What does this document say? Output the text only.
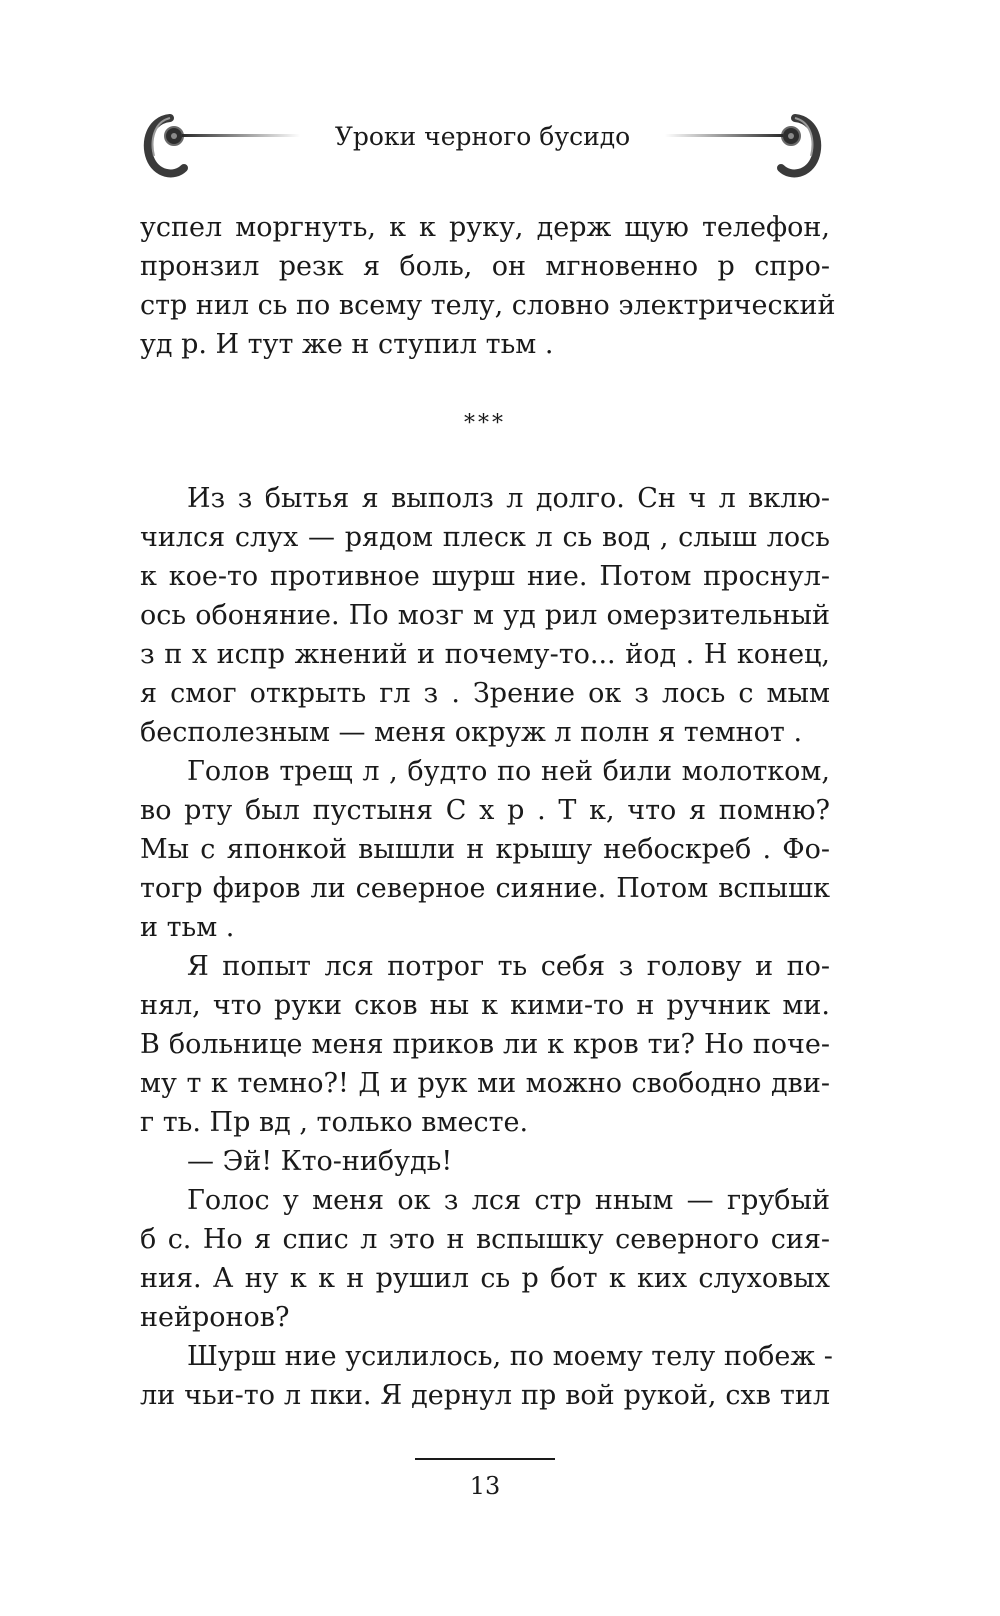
Уроки черного бусидо

успел моргнуть, к к руку, держ щую телефон,
пронзил резк я боль, он мгновенно р спро-
стр нил сь по всему телу, словно электрический
уд р. И тут же н ступил тьм .

***

Из з бытья я выполз л долго. Сн ч л вклю-
чился слух — рядом плеск л сь вод , слыш лось
к кое-то противное шурш ние. Потом проснул-
ось обоняние. По мозг м уд рил омерзительный
з п х испр жнений и почему-то... йод . Н конец,
я смог открыть гл з . Зрение ок з лось с мым
бесполезным — меня окруж л полн я темнот .

Голов трещ л , будто по ней били молотком,
во рту был пустыня С х р . Т к, что я помню?
Мы с японкой вышли н крышу небоскреб . Фо-
тогр фиров ли северное сияние. Потом вспышк
и тьм .

Я попыт лся потрог ть себя з голову и по-
нял, что руки сков ны к кими-то н ручник ми.
В больнице меня приков ли к кров ти? Но поче-
му т к темно?! Д и рук ми можно свободно дви-
г ть. Пр вд , только вместе.

— Эй! Кто-нибудь!

Голос у меня ок з лся стр нным — грубый
б с. Но я спис л это н вспышку северного сия-
ния. А ну к к н рушил сь р бот к ких слуховых
нейронов?

Шурш ние усилилось, по моему телу побеж -
ли чьи-то л пки. Я дернул пр вой рукой, схв тил

13
